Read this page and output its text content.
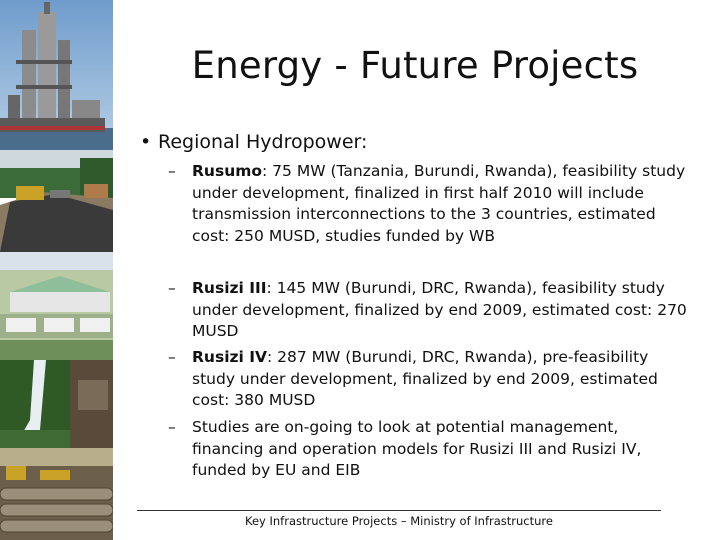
Energy - Future Projects
• Regional Hydropower:
– Rusumo: 75 MW (Tanzania, Burundi, Rwanda), feasibility study under development, finalized in first half 2010 will include transmission interconnections to the 3 countries, estimated cost: 250 MUSD, studies funded by WB
– Rusizi III: 145 MW (Burundi, DRC, Rwanda), feasibility study under development, finalized by end 2009, estimated cost: 270 MUSD
– Rusizi IV: 287 MW (Burundi, DRC, Rwanda), pre-feasibility study under development, finalized by end 2009, estimated cost: 380 MUSD
– Studies are on-going to look at potential management, financing and operation models for Rusizi III and Rusizi IV, funded by EU and EIB
Key Infrastructure Projects – Ministry of Infrastructure
